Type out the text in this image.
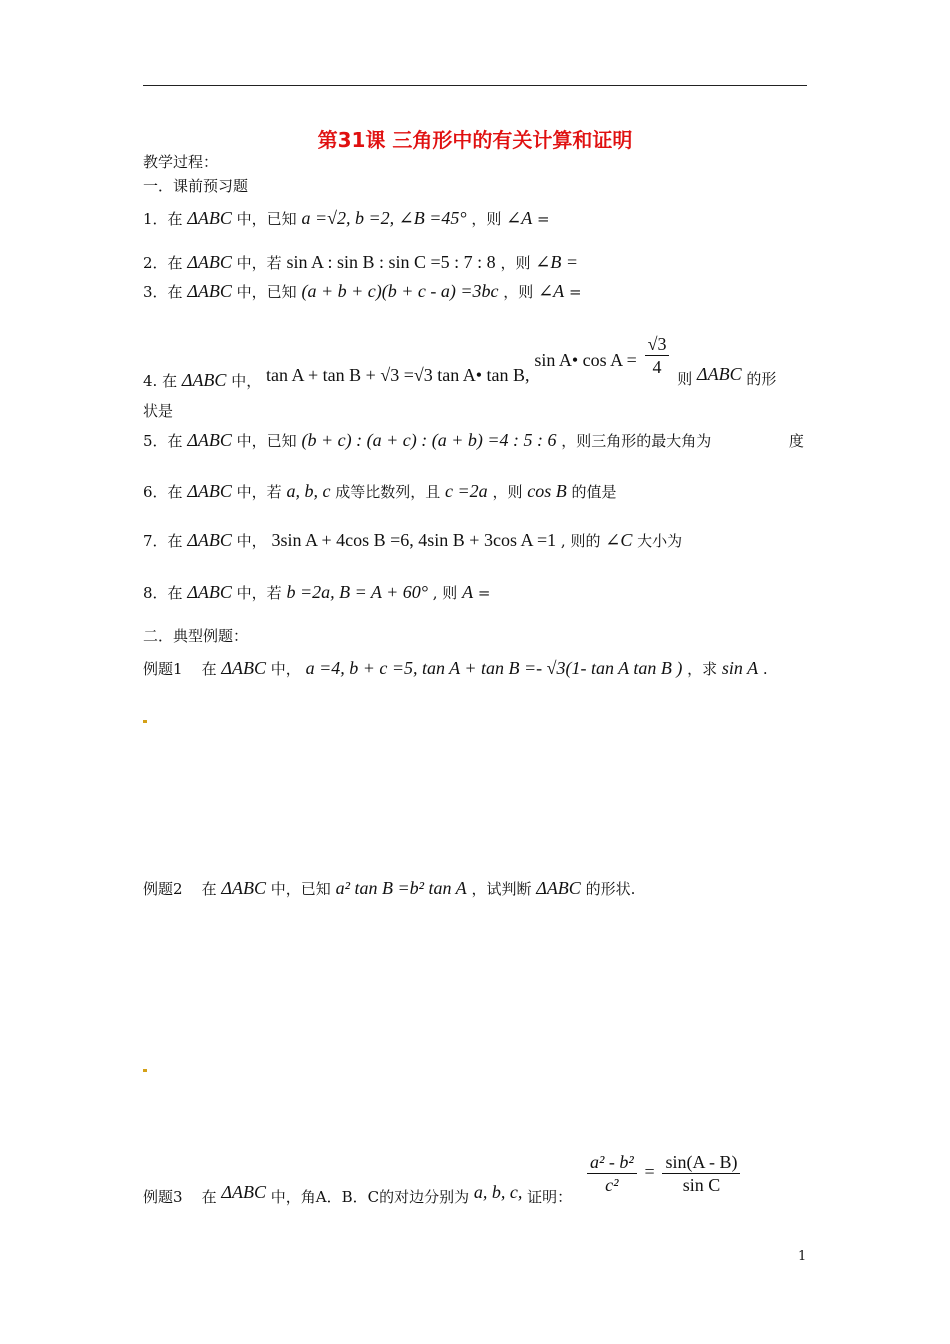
第31课 三角形中的有关计算和证明
教学过程：
一．课前预习题
1．在 ΔABC 中，已知 a =√2, b =2, ∠B =45° ，则 ∠A =
2．在 ΔABC 中，若 sin A : sin B : sin C =5 : 7 : 8 ，则 ∠B =
3．在 ΔABC 中，已知 (a + b + c)(b + c - a) =3bc ，则 ∠A =
4. 在 ΔABC 中， tan A + tan B + √3 =√3 tan A• tan B, sin A• $\cos A = \frac{√3}{4}$
则 ΔABC 的形
状是
5．在 ΔABC 中，已知 (b + c) : (a + c) : (a + b) =4 : 5 : 6 ，则三角形的最大角为	度
6．在 ΔABC 中，若 a, b, c 成等比数列，且 c =2a ，则 cos B 的值是
7．在 ΔABC 中， 3sin A + 4cos B =6, 4sin B + 3cos A =1 , 则的 ∠C 大小为
8．在 ΔABC 中，若 b =2a, B = A + 60° , 则 A =
二．典型例题：
例题1 在 ΔABC 中， a =4, b + c =5, tan A + tan B =- √3(1- tan A tan B ) ，求 sin A .
例题2 在 ΔABC 中，已知 a² tan B =b² tan A ，试判断 ΔABC 的形状.
例题3 在 ΔABC 中，角A．B．C的对边分别为 a, b, c, 证明：
$\frac{\text{a² - b²}}{\text{c²}} = \frac{\sin(A - B)}{\text{sin C}}$
1
